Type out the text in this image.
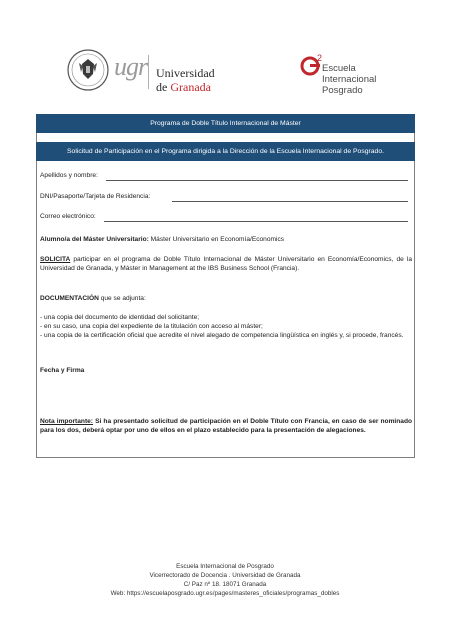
ugr Universidad
de Granada
2
Escuela
Internacional
Posgrado
Programa de Doble Título Internacional de Máster
Solicitud de Participación en el Programa dirigida a la Dirección de la Escuela Internacional de Posgrado.
Apellidos y nombre:
DNI/Pasaporte/Tarjeta de Residencia:
Correo electrónico:
Alumno/a del Máster Universitario: Máster Universitario en Economía/Economics
SOLICITA participar en el programa de Doble Título Internacional de Máster Universitario en Economía/Economics, de la Universidad de Granada, y Máster in Management at the IBS Business School (Francia).
DOCUMENTACIÓN que se adjunta:
- una copia del documento de identidad del solicitante;
- en su caso, una copia del expediente de la titulación con acceso al máster;
- una copia de la certificación oficial que acredite el nivel alegado de competencia lingüística en inglés y, si procede, francés.
Fecha y Firma
Nota importante: Si ha presentado solicitud de participación en el Doble Título con Francia, en caso de ser nominado para los dos, deberá optar por uno de ellos en el plazo establecido para la presentación de alegaciones.
Escuela Internacional de Posgrado
Vicerrectorado de Docencia . Universidad de Granada
C/ Paz nº 18. 18071 Granada
Web: https://escuelaposgrado.ugr.es/pages/masteres_oficiales/programas_dobles
